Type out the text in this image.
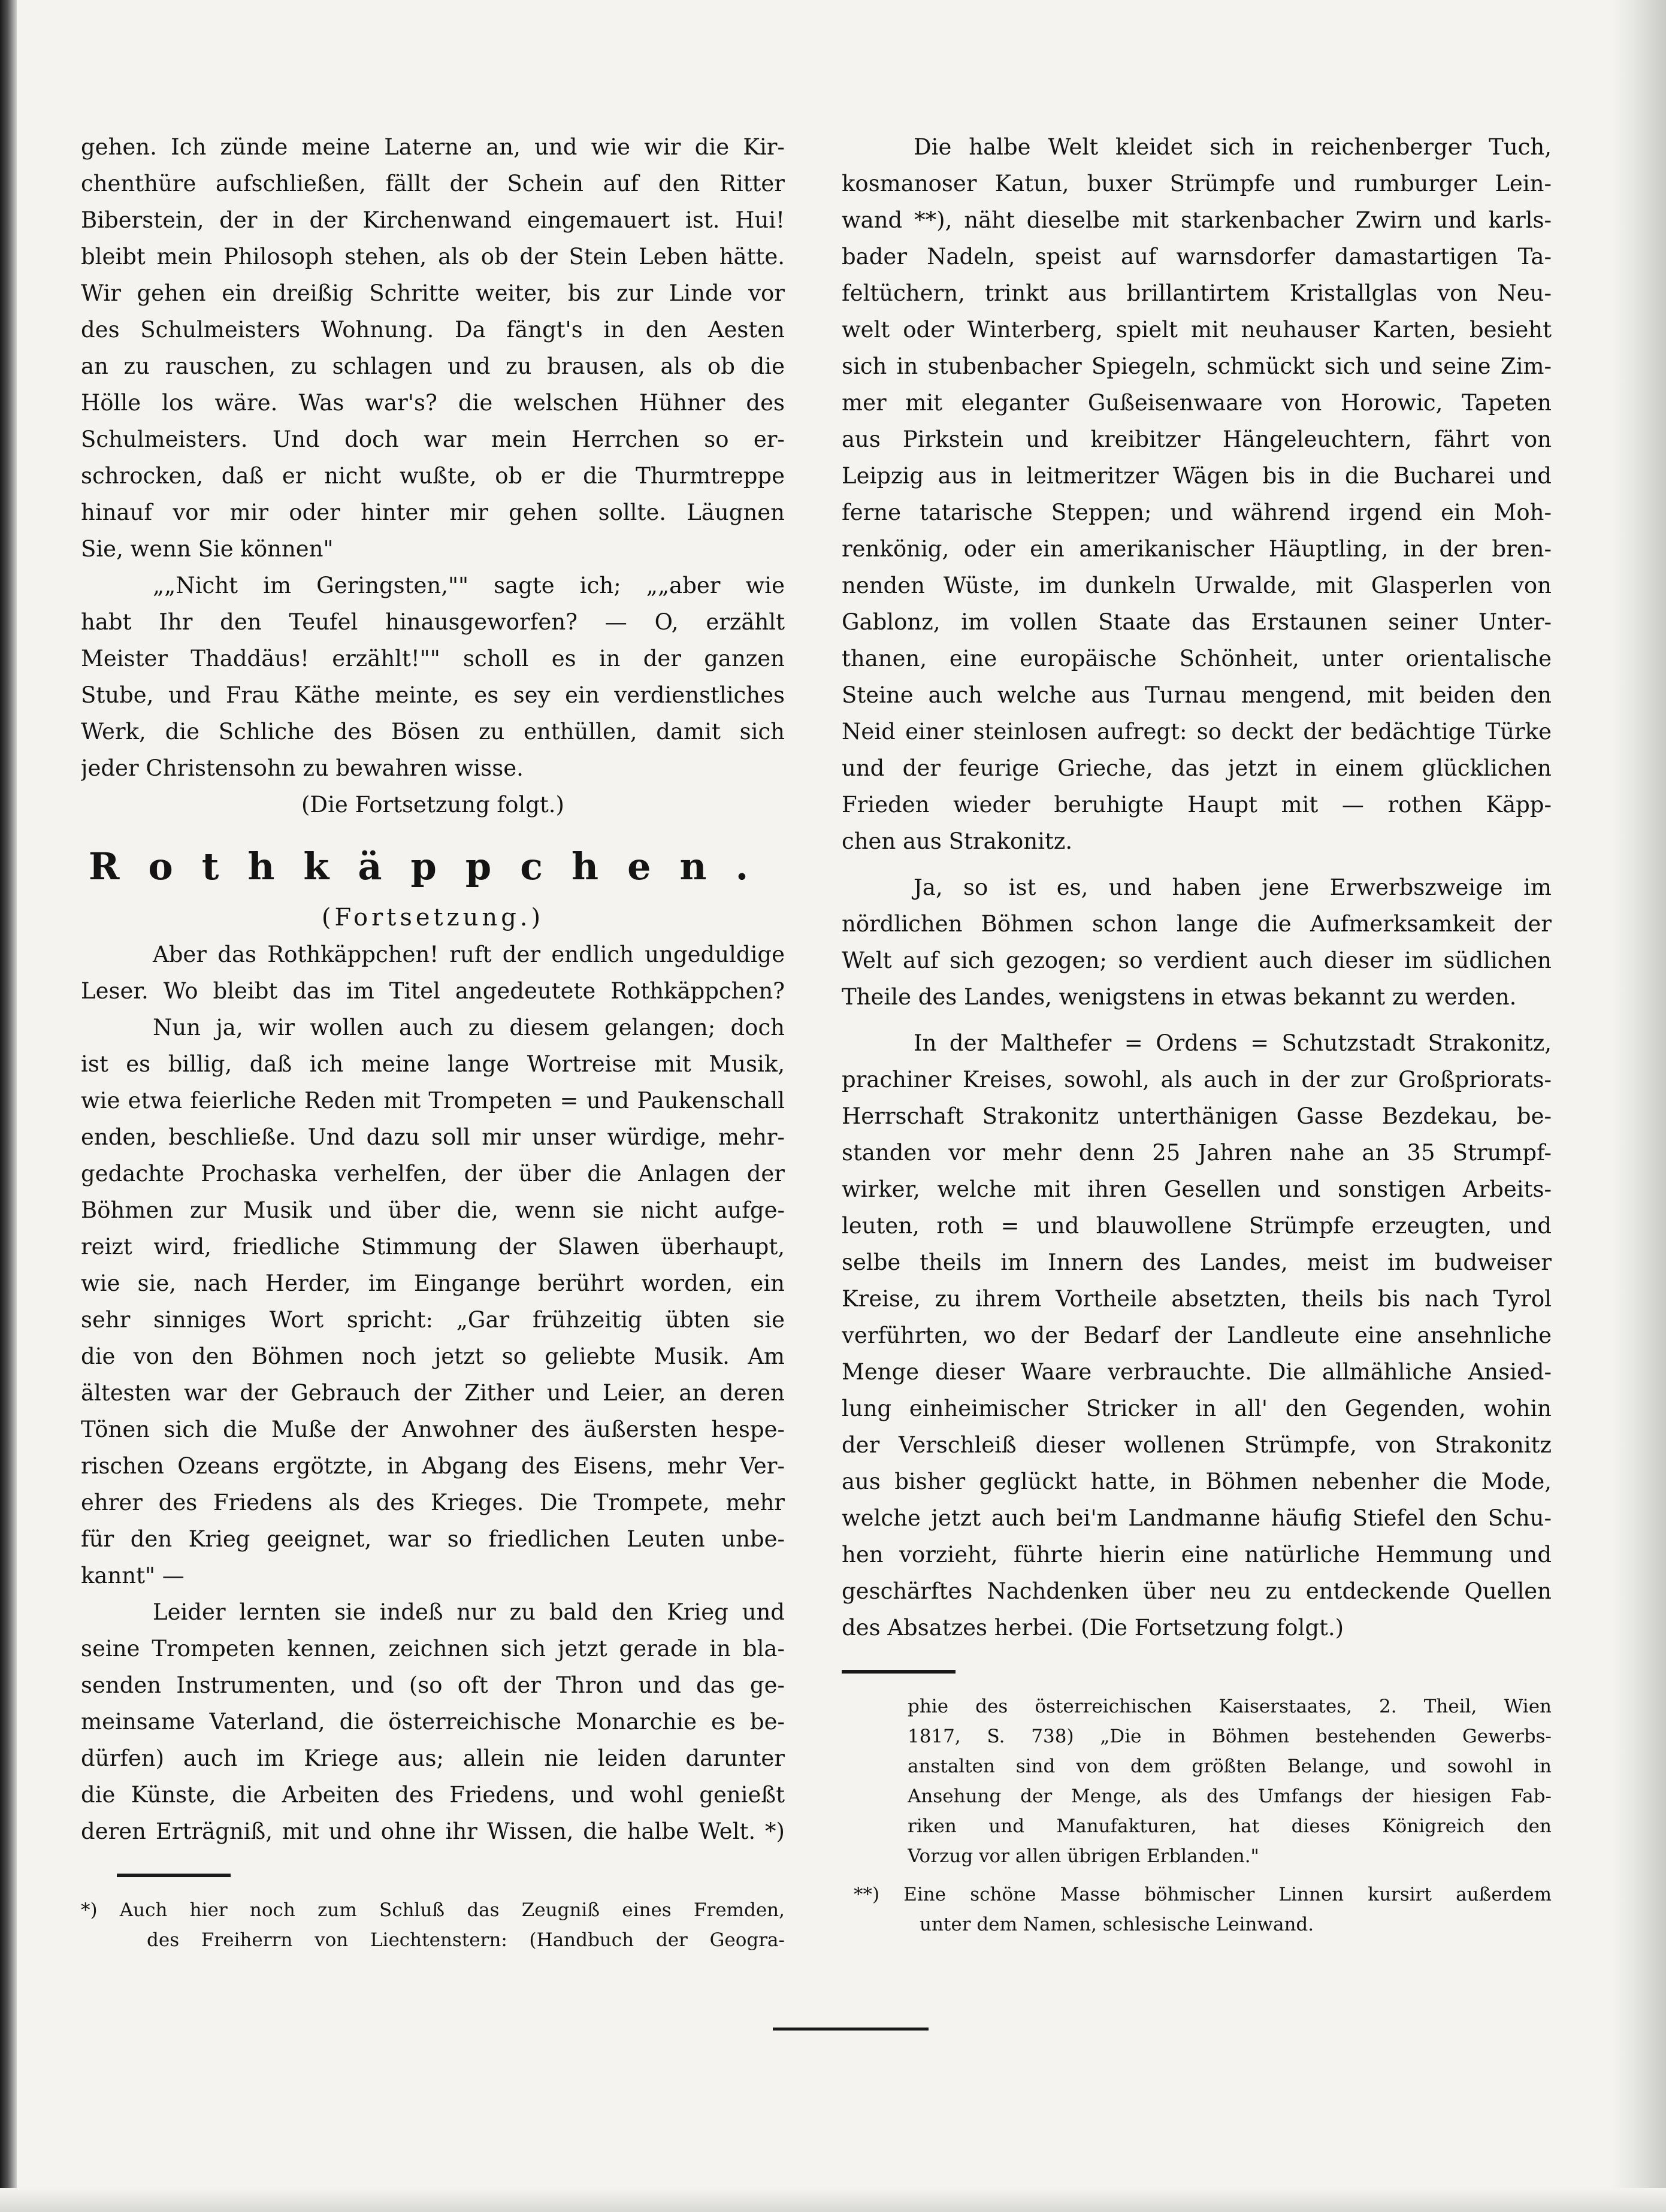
gehen. Ich zünde meine Laterne an, und wie wir die Kir-
chenthüre aufschließen, fällt der Schein auf den Ritter
Biberstein, der in der Kirchenwand eingemauert ist. Hui!
bleibt mein Philosoph stehen, als ob der Stein Leben hätte.
Wir gehen ein dreißig Schritte weiter, bis zur Linde vor
des Schulmeisters Wohnung. Da fängt's in den Aesten
an zu rauschen, zu schlagen und zu brausen, als ob die
Hölle los wäre. Was war's? die welschen Hühner des
Schulmeisters. Und doch war mein Herrchen so er-
schrocken, daß er nicht wußte, ob er die Thurmtreppe
hinauf vor mir oder hinter mir gehen sollte. Läugnen
Sie, wenn Sie können"
„„Nicht im Geringsten,"" sagte ich; „„aber wie
habt Ihr den Teufel hinausgeworfen? — O, erzählt
Meister Thaddäus! erzählt!"" scholl es in der ganzen
Stube, und Frau Käthe meinte, es sey ein verdienstliches
Werk, die Schliche des Bösen zu enthüllen, damit sich
jeder Christensohn zu bewahren wisse.
(Die Fortsetzung folgt.)
Rothkäppchen.
(Fortsetzung.)
Aber das Rothkäppchen! ruft der endlich ungeduldige
Leser. Wo bleibt das im Titel angedeutete Rothkäppchen?
Nun ja, wir wollen auch zu diesem gelangen; doch
ist es billig, daß ich meine lange Wortreise mit Musik,
wie etwa feierliche Reden mit Trompeten = und Paukenschall
enden, beschließe. Und dazu soll mir unser würdige, mehr-
gedachte Prochaska verhelfen, der über die Anlagen der
Böhmen zur Musik und über die, wenn sie nicht aufge-
reizt wird, friedliche Stimmung der Slawen überhaupt,
wie sie, nach Herder, im Eingange berührt worden, ein
sehr sinniges Wort spricht: „Gar frühzeitig übten sie
die von den Böhmen noch jetzt so geliebte Musik. Am
ältesten war der Gebrauch der Zither und Leier, an deren
Tönen sich die Muße der Anwohner des äußersten hespe-
rischen Ozeans ergötzte, in Abgang des Eisens, mehr Ver-
ehrer des Friedens als des Krieges. Die Trompete, mehr
für den Krieg geeignet, war so friedlichen Leuten unbe-
kannt" —
Leider lernten sie indeß nur zu bald den Krieg und
seine Trompeten kennen, zeichnen sich jetzt gerade in bla-
senden Instrumenten, und (so oft der Thron und das ge-
meinsame Vaterland, die österreichische Monarchie es be-
dürfen) auch im Kriege aus; allein nie leiden darunter
die Künste, die Arbeiten des Friedens, und wohl genießt
deren Erträgniß, mit und ohne ihr Wissen, die halbe Welt. *)
*) Auch hier noch zum Schluß das Zeugniß eines Fremden,
des Freiherrn von Liechtenstern: (Handbuch der Geogra-
Die halbe Welt kleidet sich in reichenberger Tuch,
kosmanoser Katun, buxer Strümpfe und rumburger Lein-
wand **), näht dieselbe mit starkenbacher Zwirn und karls-
bader Nadeln, speist auf warnsdorfer damastartigen Ta-
feltüchern, trinkt aus brillantirtem Kristallglas von Neu-
welt oder Winterberg, spielt mit neuhauser Karten, besieht
sich in stubenbacher Spiegeln, schmückt sich und seine Zim-
mer mit eleganter Gußeisenwaare von Horowic, Tapeten
aus Pirkstein und kreibitzer Hängeleuchtern, fährt von
Leipzig aus in leitmeritzer Wägen bis in die Bucharei und
ferne tatarische Steppen; und während irgend ein Moh-
renkönig, oder ein amerikanischer Häuptling, in der bren-
nenden Wüste, im dunkeln Urwalde, mit Glasperlen von
Gablonz, im vollen Staate das Erstaunen seiner Unter-
thanen, eine europäische Schönheit, unter orientalische
Steine auch welche aus Turnau mengend, mit beiden den
Neid einer steinlosen aufregt: so deckt der bedächtige Türke
und der feurige Grieche, das jetzt in einem glücklichen
Frieden wieder beruhigte Haupt mit — rothen Käpp-
chen aus Strakonitz.
Ja, so ist es, und haben jene Erwerbszweige im
nördlichen Böhmen schon lange die Aufmerksamkeit der
Welt auf sich gezogen; so verdient auch dieser im südlichen
Theile des Landes, wenigstens in etwas bekannt zu werden.
In der Malthefer = Ordens = Schutzstadt Strakonitz,
prachiner Kreises, sowohl, als auch in der zur Großpriorats-
Herrschaft Strakonitz unterthänigen Gasse Bezdekau, be-
standen vor mehr denn 25 Jahren nahe an 35 Strumpf-
wirker, welche mit ihren Gesellen und sonstigen Arbeits-
leuten, roth = und blauwollene Strümpfe erzeugten, und
selbe theils im Innern des Landes, meist im budweiser
Kreise, zu ihrem Vortheile absetzten, theils bis nach Tyrol
verführten, wo der Bedarf der Landleute eine ansehnliche
Menge dieser Waare verbrauchte. Die allmähliche Ansied-
lung einheimischer Stricker in all' den Gegenden, wohin
der Verschleiß dieser wollenen Strümpfe, von Strakonitz
aus bisher geglückt hatte, in Böhmen nebenher die Mode,
welche jetzt auch bei'm Landmanne häufig Stiefel den Schu-
hen vorzieht, führte hierin eine natürliche Hemmung und
geschärftes Nachdenken über neu zu entdeckende Quellen
des Absatzes herbei. (Die Fortsetzung folgt.)
phie des österreichischen Kaiserstaates, 2. Theil, Wien
1817, S. 738) „Die in Böhmen bestehenden Gewerbs-
anstalten sind von dem größten Belange, und sowohl in
Ansehung der Menge, als des Umfangs der hiesigen Fab-
riken und Manufakturen, hat dieses Königreich den
Vorzug vor allen übrigen Erblanden."
**) Eine schöne Masse böhmischer Linnen kursirt außerdem
unter dem Namen, schlesische Leinwand.
